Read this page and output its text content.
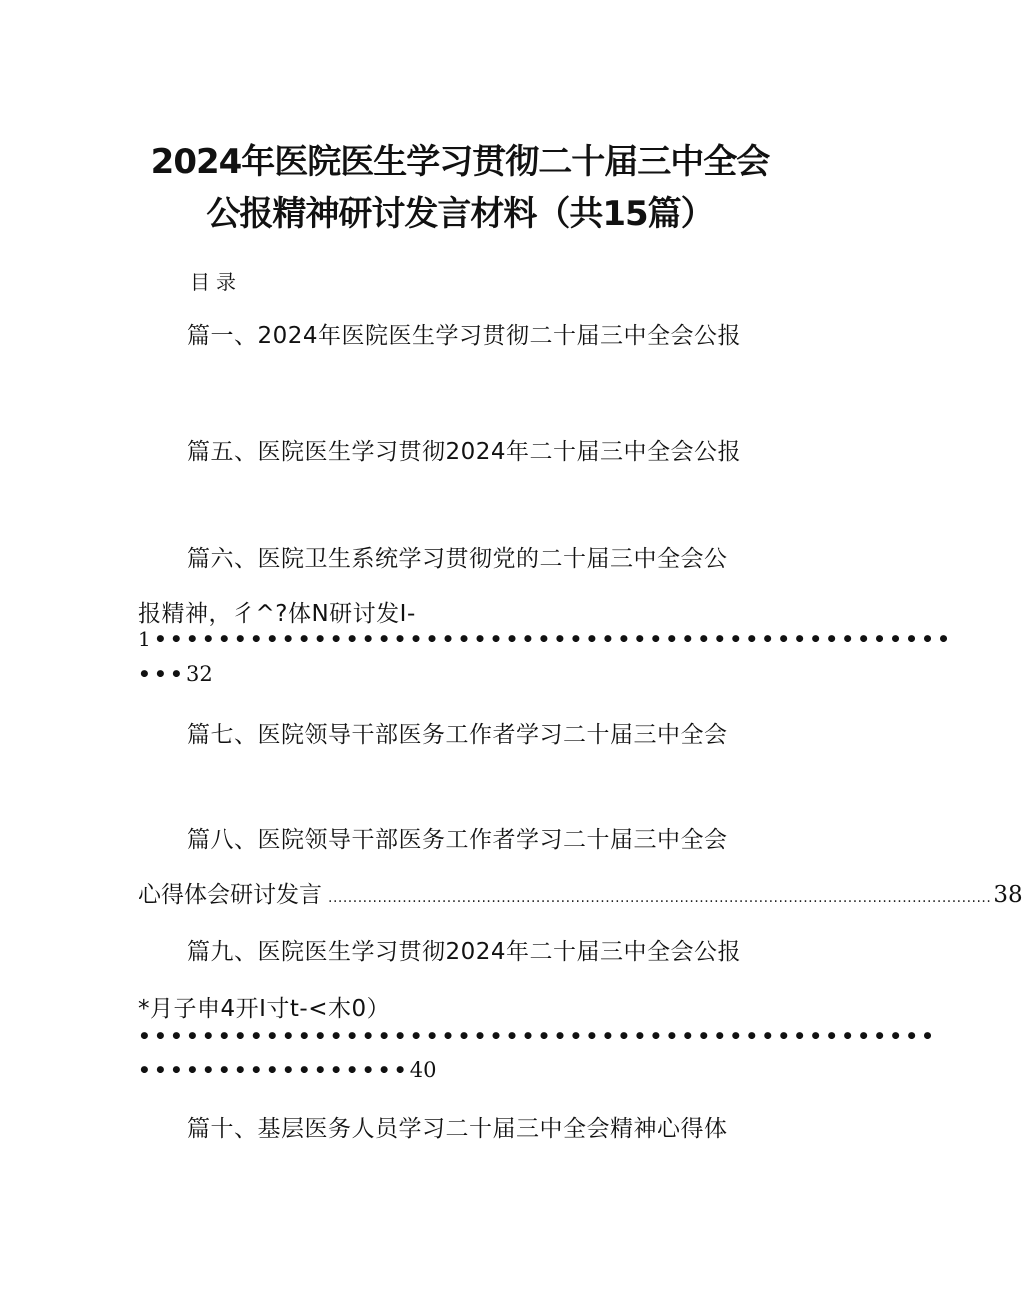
2024年医院医生学习贯彻二十届三中全会
公报精神研讨发言材料（共15篇）
目录
篇一、2024年医院医生学习贯彻二十届三中全会公报
篇五、医院医生学习贯彻2024年二十届三中全会公报
篇六、医院卫生系统学习贯彻党的二十届三中全会公
报精神，彳^?体N研讨发I-
1••••••••••••••••••••••••••••••••••••••••••••••••••
•••32
篇七、医院领导干部医务工作者学习二十届三中全会
篇八、医院领导干部医务工作者学习二十届三中全会
心得体会研讨发言 ...................................................................................................................................... 38
篇九、医院医生学习贯彻2024年二十届三中全会公报
*月子申4开I寸t-<木0）
••••••••••••••••••••••••••••••••••••••••••••••••••
•••••••••••••••••40
篇十、基层医务人员学习二十届三中全会精神心得体
